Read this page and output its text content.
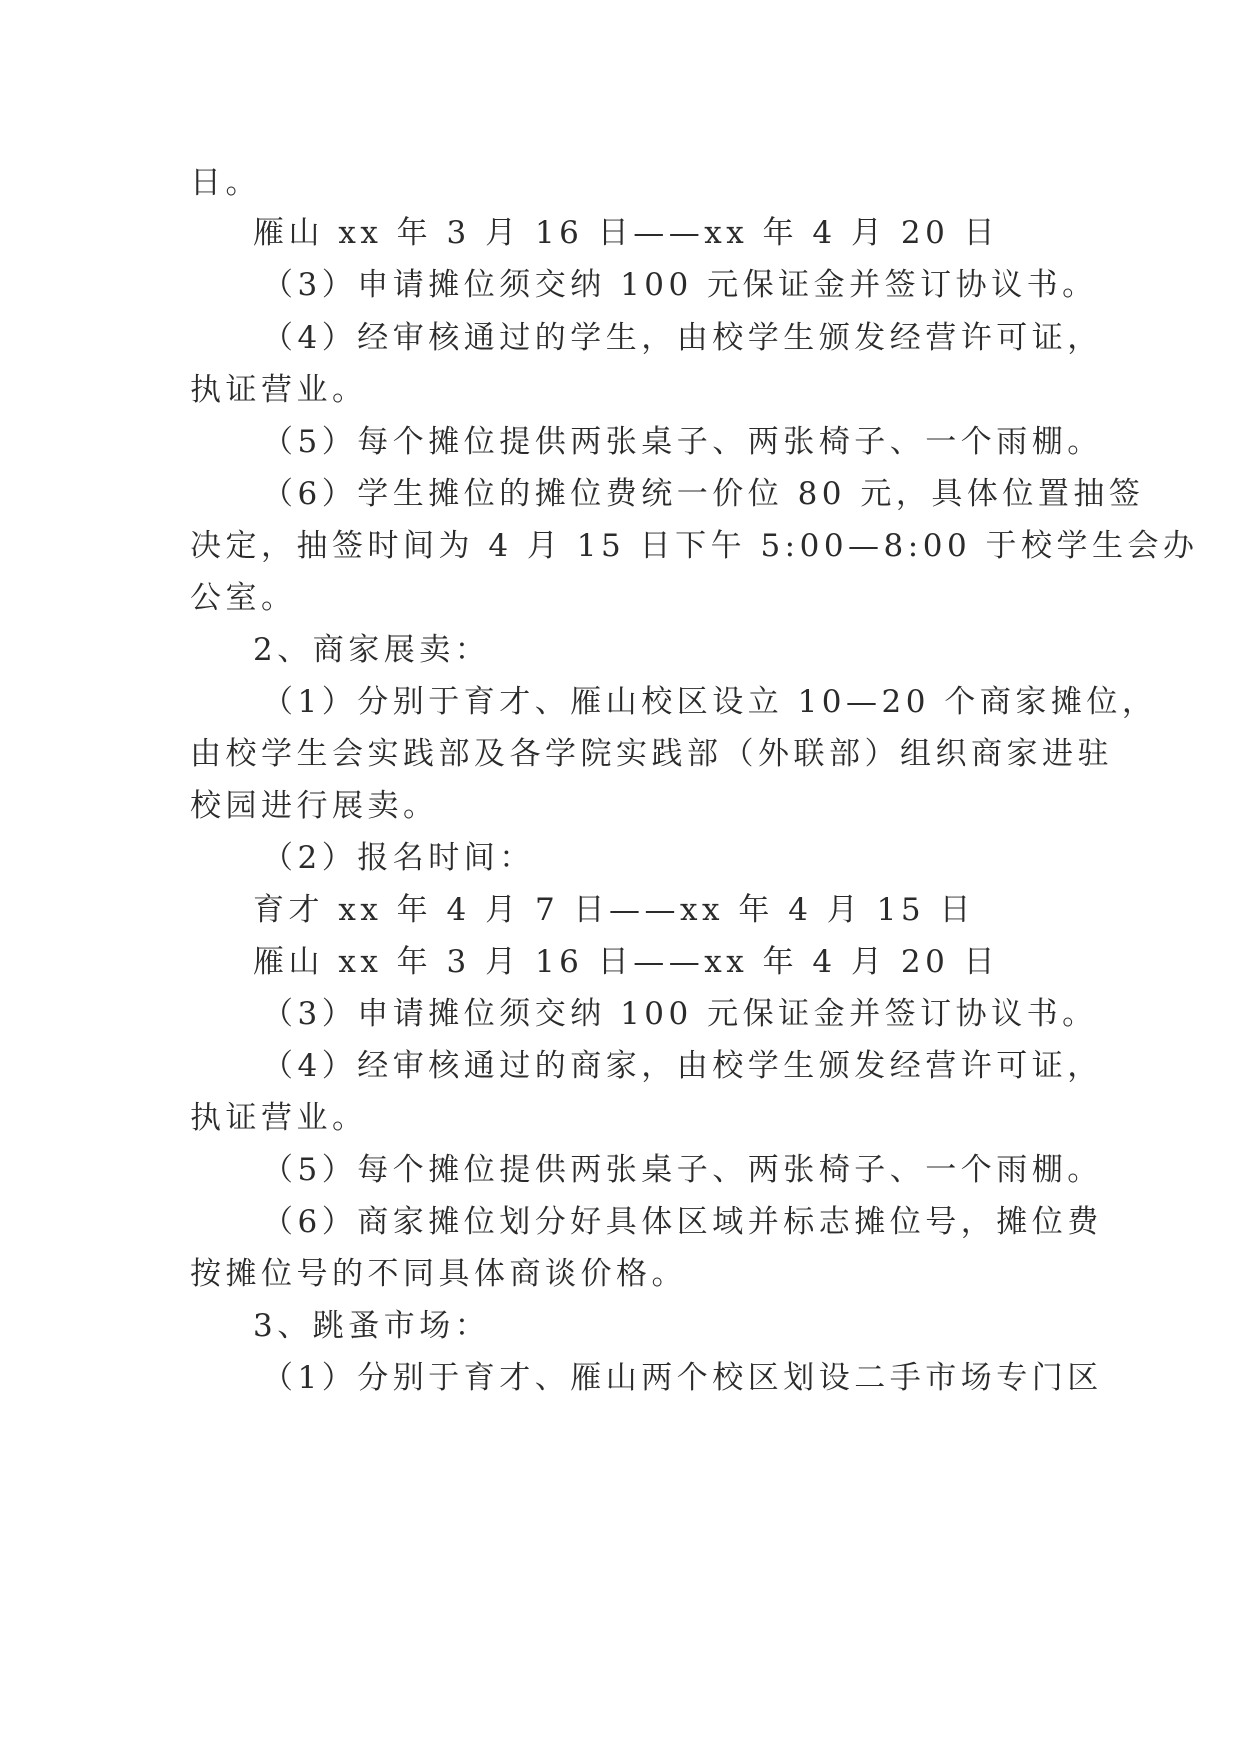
日。
雁山 xx 年 3 月 16 日——xx 年 4 月 20 日
（3）申请摊位须交纳 100 元保证金并签订协议书。
（4）经审核通过的学生，由校学生颁发经营许可证，
执证营业。
（5）每个摊位提供两张桌子、两张椅子、一个雨棚。
（6）学生摊位的摊位费统一价位 80 元，具体位置抽签
决定，抽签时间为 4 月 15 日下午 5:00—8:00 于校学生会办
公室。
2、商家展卖：
（1）分别于育才、雁山校区设立 10—20 个商家摊位，
由校学生会实践部及各学院实践部（外联部）组织商家进驻
校园进行展卖。
（2）报名时间：
育才 xx 年 4 月 7 日——xx 年 4 月 15 日
雁山 xx 年 3 月 16 日——xx 年 4 月 20 日
（3）申请摊位须交纳 100 元保证金并签订协议书。
（4）经审核通过的商家，由校学生颁发经营许可证，
执证营业。
（5）每个摊位提供两张桌子、两张椅子、一个雨棚。
（6）商家摊位划分好具体区域并标志摊位号，摊位费
按摊位号的不同具体商谈价格。
3、跳蚤市场：
（1）分别于育才、雁山两个校区划设二手市场专门区
